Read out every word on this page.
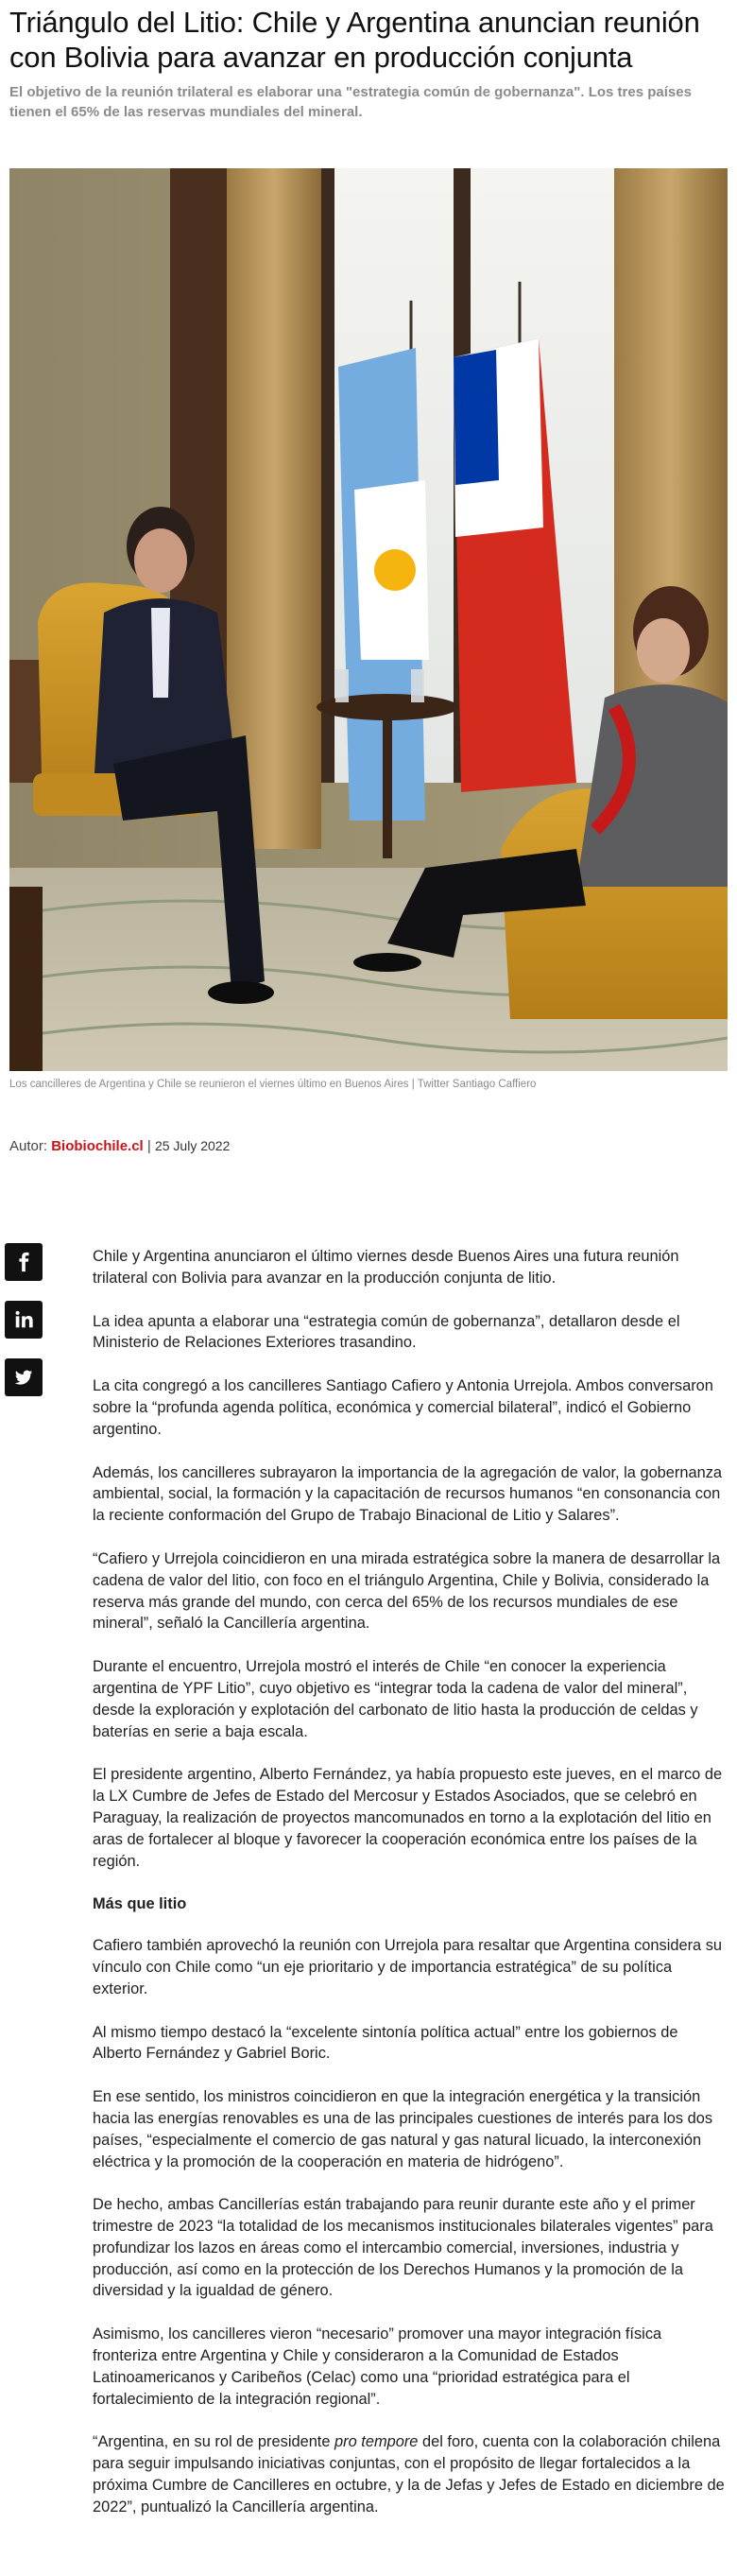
Triángulo del Litio: Chile y Argentina anuncian reunión con Bolivia para avanzar en producción conjunta

El objetivo de la reunión trilateral es elaborar una "estrategia común de gobernanza". Los tres países tienen el 65% de las reservas mundiales del mineral.

Los cancilleres de Argentina y Chile se reunieron el viernes último en Buenos Aires | Twitter Santiago Caffiero
Autor: Biobiochile.cl | 25 July 2022

Chile y Argentina anunciaron el último viernes desde Buenos Aires una futura reunión trilateral con Bolivia para avanzar en la producción conjunta de litio.

La idea apunta a elaborar una “estrategia común de gobernanza”, detallaron desde el Ministerio de Relaciones Exteriores trasandino.

La cita congregó a los cancilleres Santiago Cafiero y Antonia Urrejola. Ambos conversaron sobre la “profunda agenda política, económica y comercial bilateral”, indicó el Gobierno argentino.

Además, los cancilleres subrayaron la importancia de la agregación de valor, la gobernanza ambiental, social, la formación y la capacitación de recursos humanos “en consonancia con la reciente conformación del Grupo de Trabajo Binacional de Litio y Salares”.

“Cafiero y Urrejola coincidieron en una mirada estratégica sobre la manera de desarrollar la cadena de valor del litio, con foco en el triángulo Argentina, Chile y Bolivia, considerado la reserva más grande del mundo, con cerca del 65% de los recursos mundiales de ese mineral”, señaló la Cancillería argentina.

Durante el encuentro, Urrejola mostró el interés de Chile “en conocer la experiencia argentina de YPF Litio”, cuyo objetivo es “integrar toda la cadena de valor del mineral”, desde la exploración y explotación del carbonato de litio hasta la producción de celdas y baterías en serie a baja escala.

El presidente argentino, Alberto Fernández, ya había propuesto este jueves, en el marco de la LX Cumbre de Jefes de Estado del Mercosur y Estados Asociados, que se celebró en Paraguay, la realización de proyectos mancomunados en torno a la explotación del litio en aras de fortalecer al bloque y favorecer la cooperación económica entre los países de la región.

Más que litio

Cafiero también aprovechó la reunión con Urrejola para resaltar que Argentina considera su vínculo con Chile como “un eje prioritario y de importancia estratégica” de su política exterior.

Al mismo tiempo destacó la “excelente sintonía política actual” entre los gobiernos de Alberto Fernández y Gabriel Boric.

En ese sentido, los ministros coincidieron en que la integración energética y la transición hacia las energías renovables es una de las principales cuestiones de interés para los dos países, “especialmente el comercio de gas natural y gas natural licuado, la interconexión eléctrica y la promoción de la cooperación en materia de hidrógeno”.

De hecho, ambas Cancillerías están trabajando para reunir durante este año y el primer trimestre de 2023 “la totalidad de los mecanismos institucionales bilaterales vigentes” para profundizar los lazos en áreas como el intercambio comercial, inversiones, industria y producción, así como en la protección de los Derechos Humanos y la promoción de la diversidad y la igualdad de género.

Asimismo, los cancilleres vieron “necesario” promover una mayor integración física fronteriza entre Argentina y Chile y consideraron a la Comunidad de Estados Latinoamericanos y Caribeños (Celac) como una “prioridad estratégica para el fortalecimiento de la integración regional”.

“Argentina, en su rol de presidente pro tempore del foro, cuenta con la colaboración chilena para seguir impulsando iniciativas conjuntas, con el propósito de llegar fortalecidos a la próxima Cumbre de Cancilleres en octubre, y la de Jefas y Jefes de Estado en diciembre de 2022”, puntualizó la Cancillería argentina.
